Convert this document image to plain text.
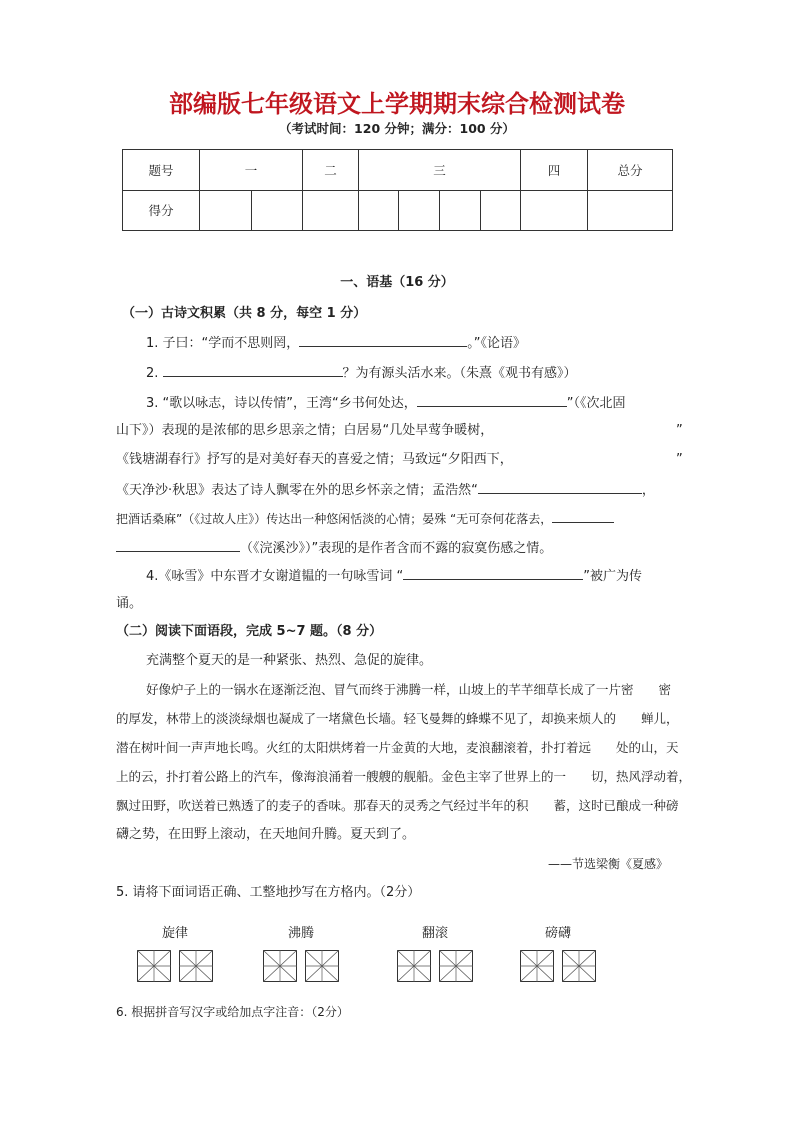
部编版七年级语文上学期期末综合检测试卷
（考试时间：120 分钟；满分：100 分）
题号	一		二	三				四	总分
得分									
一、语基（16 分）
（一）古诗文积累（共 8 分，每空 1 分）
1. 子曰：“学而不思则罔，	。”《论语》
2.	？为有源头活水来。（朱熹《观书有感》）
3. “歌以咏志，诗以传情”，王湾“乡书何处达，	”（《次北固
山下》）表现的是浓郁的思乡思亲之情；白居易“几处早莺争暖树，	”
《钱塘湖春行》抒写的是对美好春天的喜爱之情；马致远“夕阳西下，	”
《天净沙·秋思》表达了诗人飘零在外的思乡怀亲之情；孟浩然“	，
把酒话桑麻”（《过故人庄》）传达出一种悠闲恬淡的心情；晏殊 “无可奈何花落去，
（《浣溪沙》）”表现的是作者含而不露的寂寞伤感之情。
4.《咏雪》中东晋才女谢道韫的一句咏雪词 “	”被广为传
诵。
（二）阅读下面语段，完成 5~7 题。（8 分）
充满整个夏天的是一种紧张、热烈、急促的旋律。
好像炉子上的一锅水在逐渐泛泡、冒气而终于沸腾一样，山坡上的芊芊细草长成了一片密　　密
的厚发，林带上的淡淡绿烟也凝成了一堵黛色长墙。轻飞曼舞的蜂蝶不见了，却换来烦人的　　蝉儿，
潜在树叶间一声声地长鸣。火红的太阳烘烤着一片金黄的大地，麦浪翻滚着，扑打着远　　处的山，天
上的云，扑打着公路上的汽车，像海浪涌着一艘艘的舰船。金色主宰了世界上的一　　切，热风浮动着，
飘过田野，吹送着已熟透了的麦子的香味。那春天的灵秀之气经过半年的积　　蓄，这时已酿成一种磅
礴之势，在田野上滚动，在天地间升腾。夏天到了。
——节选梁衡《夏感》
5. 请将下面词语正确、工整地抄写在方格内。（2分）
旋律	沸腾	翻滚	磅礴
6. 根据拼音写汉字或给加点字注音：（2分）
